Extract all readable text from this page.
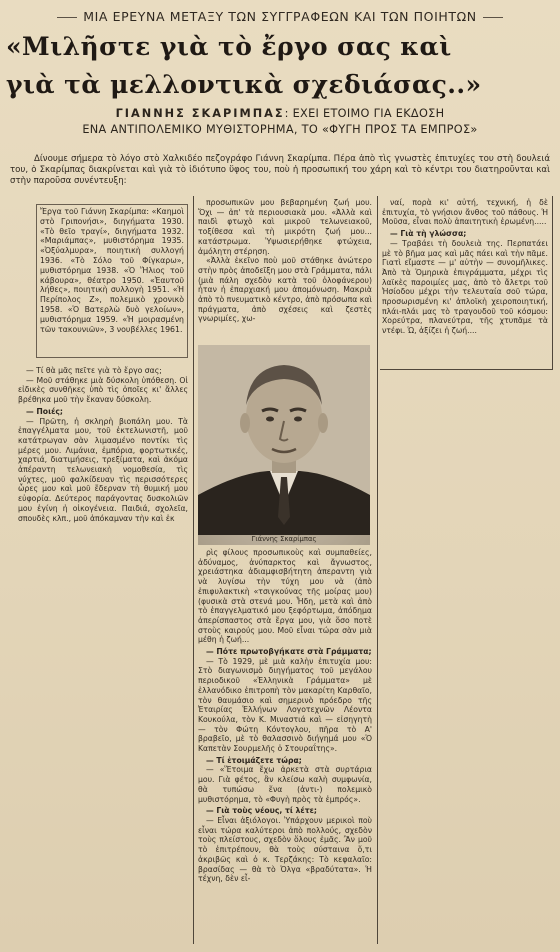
ΜΙΑ ΕΡΕΥΝΑ ΜΕΤΑΞΥ ΤΩΝ ΣΥΓΓΡΑΦΕΩΝ ΚΑΙ ΤΩΝ ΠΟΙΗΤΩΝ
«Μιλῆστε γιὰ τὸ ἔργο σας καὶ
γιὰ τὰ μελλοντικὰ σχεδιάσας..»
ΓΙΑΝΝΗΣ ΣΚΑΡΙΜΠΑΣ: ΕΧΕΙ ΕΤΟΙΜΟ ΓΙΑ ΕΚΔΟΣΗ
ΕΝΑ ΑΝΤΙΠΟΛΕΜΙΚΟ ΜΥΘΙΣΤΟΡΗΜΑ, ΤΟ «ΦΥΓΗ ΠΡΟΣ ΤΑ ΕΜΠΡΟΣ»

Δίνουμε σήμερα τὸ λόγο στὸ Χαλκιδέο πεζογράφο Γιάννη Σκαρίμπα. Πέρα ἀπὸ τὶς γνωστὲς ἐπιτυχίες του στὴ δουλειά του, ὁ Σκαρίμπας διακρίνεται καὶ γιὰ τὸ ἰδιότυπο ὕφος του, ποὺ ἡ προσωπική του χάρη καὶ τὸ κέντρι του διατηροῦνται καὶ στὴν παροῦσα συνέντευξη:

Ἔργα τοῦ Γιάννη Σκαρίμπα: «Καημοὶ στὸ Γριπονήσι», διηγήματα 1930. «Τὸ θεῖο τραγί», διηγήματα 1932. «Μαριάμπας», μυθιστόρημα 1935. «Ὀξύαλμυρα», ποιητικὴ συλλογή 1936. «Τὸ Σόλο τοῦ Φίγκαρω», μυθιστόρημα 1938. «Ὁ Ἥλιος τοῦ κάβουρα», θέατρο 1950. «Ἐαυτοῦ λήθες», ποιητικὴ συλλογὴ 1951. «Ἡ Περίπολος Ζ», πολεμικὸ χρονικὸ 1958. «Ὁ Βατερλὼ δυὸ γελοίων», μυθιστόρημα 1959. «Ἡ μοιρασμένη τῶν τακουνιῶν», 3 νουβέλλες 1961.

— Τί θὰ μᾶς πεῖτε γιὰ τὸ ἔργο σας;

— Μοῦ στάθηκε μιὰ δύσκολη ὑπόθεση. Οἱ εἰδικὲς συνθῆκες ὑπὸ τὶς ὁποῖες κι' ἄλλες βρέθηκα μοῦ τὴν ἔκαναν δύσκολη.

— Ποιές;

— Πρῶτη, ἡ σκληρὴ βιοπάλη μου. Τὰ ἐπαγγέλματα μου, τοῦ ἐκτελωνιστῆ, μοῦ κατάτρωγαν σὰν λιμασμένο ποντίκι τὶς μέρες μου. Λιμάνια, ἐμπόρια, φορτωτικές, χαρτιά, διατιμήσεις, τρεξίματα, καὶ ἀκόμα ἀπέραντη τελωνειακὴ νομοθεσία, τὶς νύχτες, μοῦ φαλκίδευαν τὶς περισσότερες ὧρες μου καὶ μοῦ ἔδερναν τὴ θυμική μου εὐφορία. Δεύτερος παράγοντας δυσκολιῶν μου ἐγίνη ἡ οἰκογένεια. Παιδιά, σχολεῖα, σπουδὲς κλπ., μοῦ ἀπόκαμναν τὴν καὶ ἐκ

προσωπικῶν μου βεβαρημένη ζωή μου. Ὄχι — ἀπ' τὰ περιουσιακὰ μου. «Ἀλλὰ καὶ παιδὶ φτωχὸ καὶ μικροῦ τελωνειακοῦ, τοξίθεσα καὶ τὴ μικρότη ζωή μου... κατάστρωμα. Ὑψωσιερήθηκε φτώχεια, ἀμόλητη στέρηση.

«Ἀλλὰ ἐκεῖνο ποὺ μοῦ στάθηκε ἀνώτερο στὴν πρὸς ἀποδεῖξη μου στὰ Γράμματα, πάλι (μιὰ πάλη σχεδὸν κατὰ τοῦ ὁλοφάνερου) ἦταν ἡ ἐπαρχιακή μου ἀπομόνωση. Μακριὰ ἀπὸ τὸ πνευματικὸ κέντρο, ἀπὸ πρόσωπα καὶ πράγματα, ἀπὸ σχέσεις καὶ ζεστὲς γνωριμίες, χω-

Γιάννης Σκαρίμπας

ρὶς φίλους προσωπικοὺς καὶ συμπαθείες, ἀδύναμος, ἀνύπαρκτος καὶ ἄγνωστος, χρειάστηκα ἀδιαμφισβήτητη ἀπεραντη γιὰ νὰ λυγίσω τὴν τύχη μου νὰ (ἀπὸ ἐπιφυλακτικὴ «τσιγκούνας τῆς μοίρας μου) (φυσικὰ στὰ στενά μου. Ἦδη, μετὰ καὶ ἀπὸ τὸ ἐπαγγελματικό μου ξεφόρτωμα, ἀπόδημα ἀπερίσπαστος στὰ ἔργα μου, γιὰ ὅσο ποτὲ στοὺς καιρούς μου. Μοῦ εἶναι τώρα σὰν μιὰ μέθη ἡ ζωή...

— Πότε πρωτοβγήκατε στὰ Γράμματα;

— Τὸ 1929, μὲ μιὰ καλὴν ἐπιτυχία μου: Στὸ διαγωνισμὸ διηγήματος τοῦ μεγάλου περιοδικοῦ «Ἑλληνικὰ Γράμματα» μὲ ἑλλανόδικο ἐπιτροπὴ τὸν μακαρίτη Καρθαῖο, τὸν θαυμάσιο καὶ σημερινὸ πρόεδρο τῆς Ἑταιρίας Ἑλλήνων Λογοτεχνῶν Λέοντα Κουκούλα, τὸν Κ. Μιναστιά καὶ — εἰσηγητὴ — τὸν Φώτη Κόντογλου, πῆρα τὸ Α' βραβεῖο, μὲ τὸ θαλασσινὸ διήγημά μου «Ὁ Καπετὰν Σουρμελῆς ὁ Στουραΐτης».

— Τί ἑτοιμάζετε τώρα;

— «Ἕτοιμα ἔχω ἀρκετὰ στὰ συρτάρια μου. Γιὰ φέτος, ἂν κλείσω καλὴ συμφωνία, θὰ τυπώσω ἕνα (ἀντι-) πολεμικὸ μυθιστόρημα, τὸ «Φυγὴ πρὸς τὰ ἐμπρός».

— Γιὰ τοὺς νέους, τί λέτε;

— Εἶναι ἀξιόλογοι. Ὑπάρχουν μερικοὶ ποὺ εἶναι τώρα καλύτεροι ἀπὸ πολλούς, σχεδὸν τοὺς πλείστους, σχεδὸν ὅλους ἐμᾶς. Ἂν μοῦ τὸ ἐπιτρέπουν, θὰ τοὺς σύσταινα ὅ,τι ἀκριβῶς καὶ ὁ κ. Τερζάκης: Τὸ κεφαλαῖο: βρασίδας — θὰ τὸ Ὀλγα «βραδύτατα». Ἡ τέχνη, δὲν εἶ-

ναί, πορὰ κι' αὐτή, τεχνική, ἡ δὲ ἐπιτυχία, τὸ γνήσιον ἄνθος τοῦ πάθους. Ἡ Μοῦσα, εἶναι πολὺ ἀπαιτητικὴ ἐρωμένη.....

— Γιὰ τὴ γλώσσα;

— Τραβάει τὴ δουλειὰ της. Περπατάει μὲ τὸ βῆμα μας καὶ μᾶς πάει καὶ τὴν πᾶμε. Γιατὶ εἴμαστε — μ' αὐτὴν — συνομῆλικες. Ἀπὸ τὰ Ὁμηρικὰ ἐπιγράμματα, μέχρι τὶς λαϊκὲς παροιμίες μας, ἀπὸ τὸ ἄλετρι τοῦ Ἡσίοδου μέχρι τὴν τελευταία σοῦ τώρα, προσωρισμένη κι' ἀπλοϊκὴ χειροποιητική, πλάι-πλάι μας τὸ τραγουδοῦ τοῦ κόσμου: Χορεύτρα, πλανεύτρα, τῆς χτυπᾶμε τὰ ντέφι. Ὡ, ἀξίζει ἡ ζωή....
